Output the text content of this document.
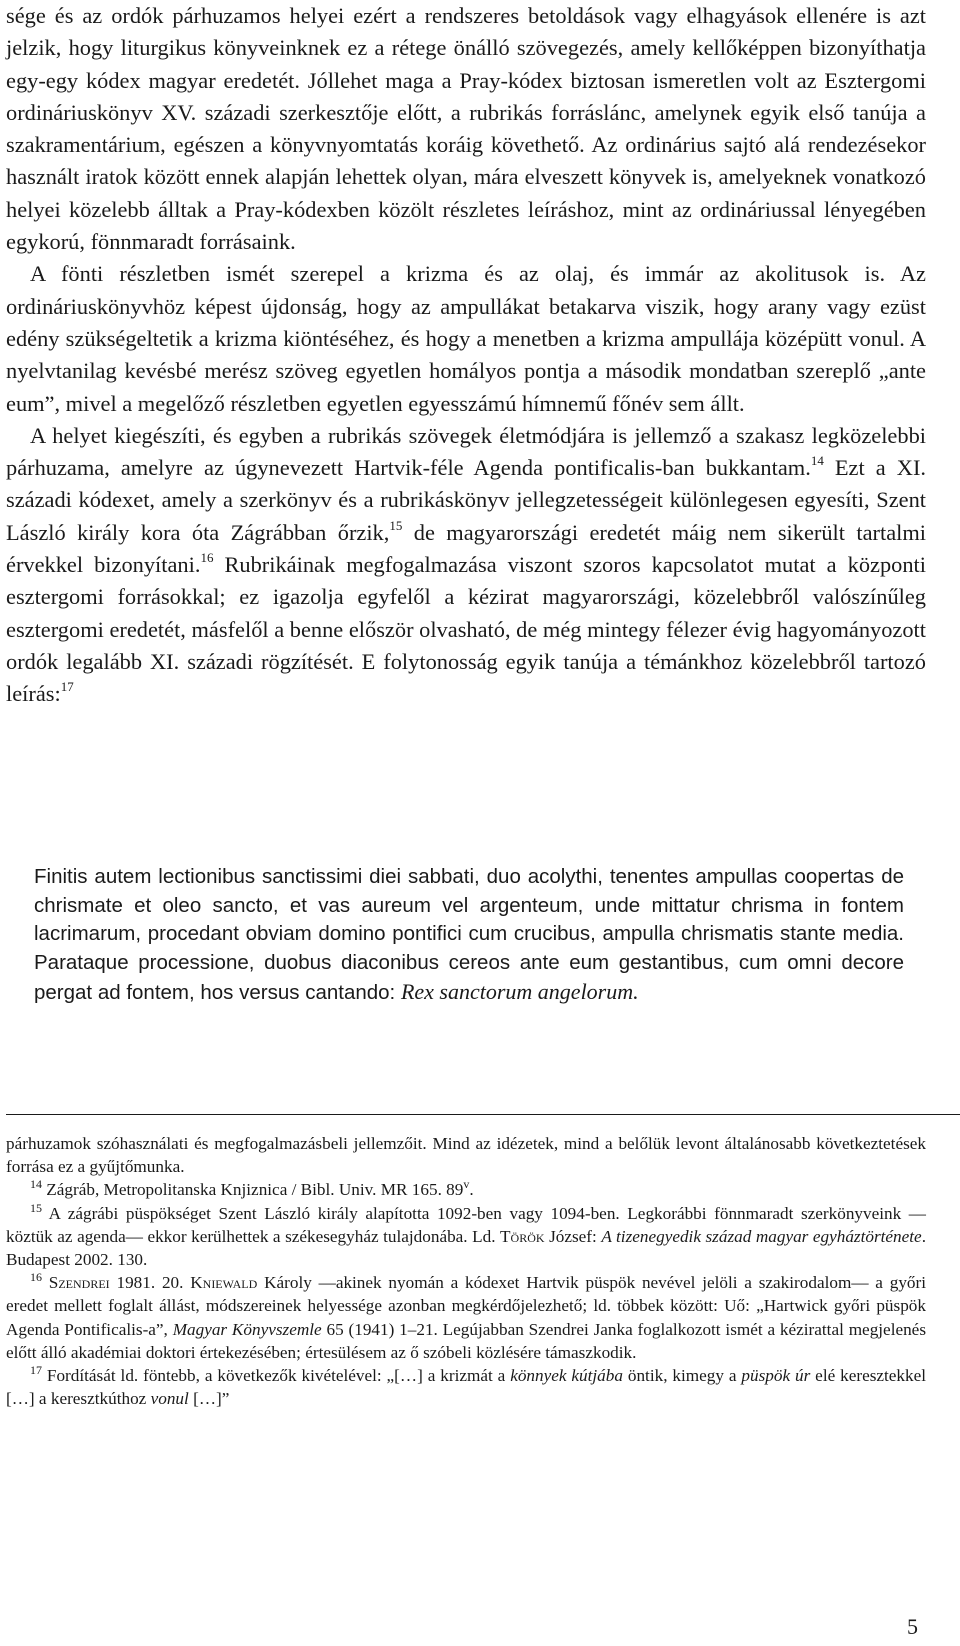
sége és az ordók párhuzamos helyei ezért a rendszeres betoldások vagy elhagyások ellenére is azt jelzik, hogy liturgikus könyveinknek ez a rétege önálló szövegezés, amely kellőképpen bizonyíthatja egy-egy kódex magyar eredetét. Jóllehet maga a Pray-kódex biztosan ismeretlen volt az Esztergomi ordináriuskönyv XV. századi szerkesztője előtt, a rubrikás forráslánc, amelynek egyik első tanúja a szakramentárium, egészen a könyvnyomtatás koráig követhető. Az ordinárius sajtó alá rendezésekor használt iratok között ennek alapján lehettek olyan, mára elveszett könyvek is, amelyeknek vonatkozó helyei közelebb álltak a Pray-kódexben közölt részletes leíráshoz, mint az ordináriussal lényegében egykorú, fönnmaradt forrásaink.

A fönti részletben ismét szerepel a krizma és az olaj, és immár az akolitusok is. Az ordináriuskönyvhöz képest újdonság, hogy az ampullákat betakarva viszik, hogy arany vagy ezüst edény szükségeltetik a krizma kiöntéséhez, és hogy a menetben a krizma ampullája középütt vonul. A nyelvtanilag kevésbé merész szöveg egyetlen homályos pontja a második mondatban szereplő „ante eum”, mivel a megelőző részletben egyetlen egyesszámú hímnemű főnév sem állt.

A helyet kiegészíti, és egyben a rubrikás szövegek életmódjára is jellemző a szakasz legközelebbi párhuzama, amelyre az úgynevezett Hartvik-féle Agenda pontificalis-ban bukkantam.$^{14}$ Ezt a XI. századi kódexet, amely a szerkönyv és a rubrikáskönyv jellegzetességeit különlegesen egyesíti, Szent László király kora óta Zágrábban őrzik,$^{15}$ de magyarországi eredetét máig nem sikerült tartalmi érvekkel bizonyítani.$^{16}$ Rubrikáinak megfogalmazása viszont szoros kapcsolatot mutat a központi esztergomi forrásokkal; ez igazolja egyfelől a kézirat magyarországi, közelebbről valószínűleg esztergomi eredetét, másfelől a benne először olvasható, de még mintegy félezer évig hagyományozott ordók legalább XI. századi rögzítését. E folytonosság egyik tanúja a témánkhoz közelebbről tartozó leírás:$^{17}$

Finitis autem lectionibus sanctissimi diei sabbati, duo acolythi, tenentes ampullas coopertas de chrismate et oleo sancto, et vas aureum vel argenteum, unde mittatur chrisma in fontem lacrimarum, procedant obviam domino pontifici cum crucibus, ampulla chrismatis stante media. Parataque processione, duobus diaconibus cereos ante eum gestantibus, cum omni decore pergat ad fontem, hos versus cantando: Rex sanctorum angelorum.

párhuzamok szóhasználati és megfogalmazásbeli jellemzőit. Mind az idézetek, mind a belőlük levont általánosabb következtetések forrása ez a gyűjtőmunka.

$^{14}$ Zágráb, Metropolitanska Knjiznica / Bibl. Univ. MR 165. 89$^v$.

$^{15}$ A zágrábi püspökséget Szent László király alapította 1092-ben vagy 1094-ben. Legkorábbi fönnmaradt szerkönyveink —köztük az agenda— ekkor kerülhettek a székesegyház tulajdonába. Ld. Török József: A tizenegyedik század magyar egyháztörténete. Budapest 2002. 130.

$^{16}$ Szendrei 1981. 20. Kniewald Károly —akinek nyomán a kódexet Hartvik püspök nevével jelöli a szakirodalom— a győri eredet mellett foglalt állást, módszereinek helyessége azonban megkérdőjelezhető; ld. többek között: Uő: „Hartwick győri püspök Agenda Pontificalis-a”, Magyar Könyvszemle 65 (1941) 1–21. Legújabban Szendrei Janka foglalkozott ismét a kézirattal megjelenés előtt álló akadémiai doktori értekezésében; értesülésem az ő szóbeli közlésére támaszkodik.

$^{17}$ Fordítását ld. föntebb, a következők kivételével: „[…] a krizmát a könnyek kútjába öntik, kimegy a püspök úr elé keresztekkel […] a keresztkúthoz vonul […]”

5
